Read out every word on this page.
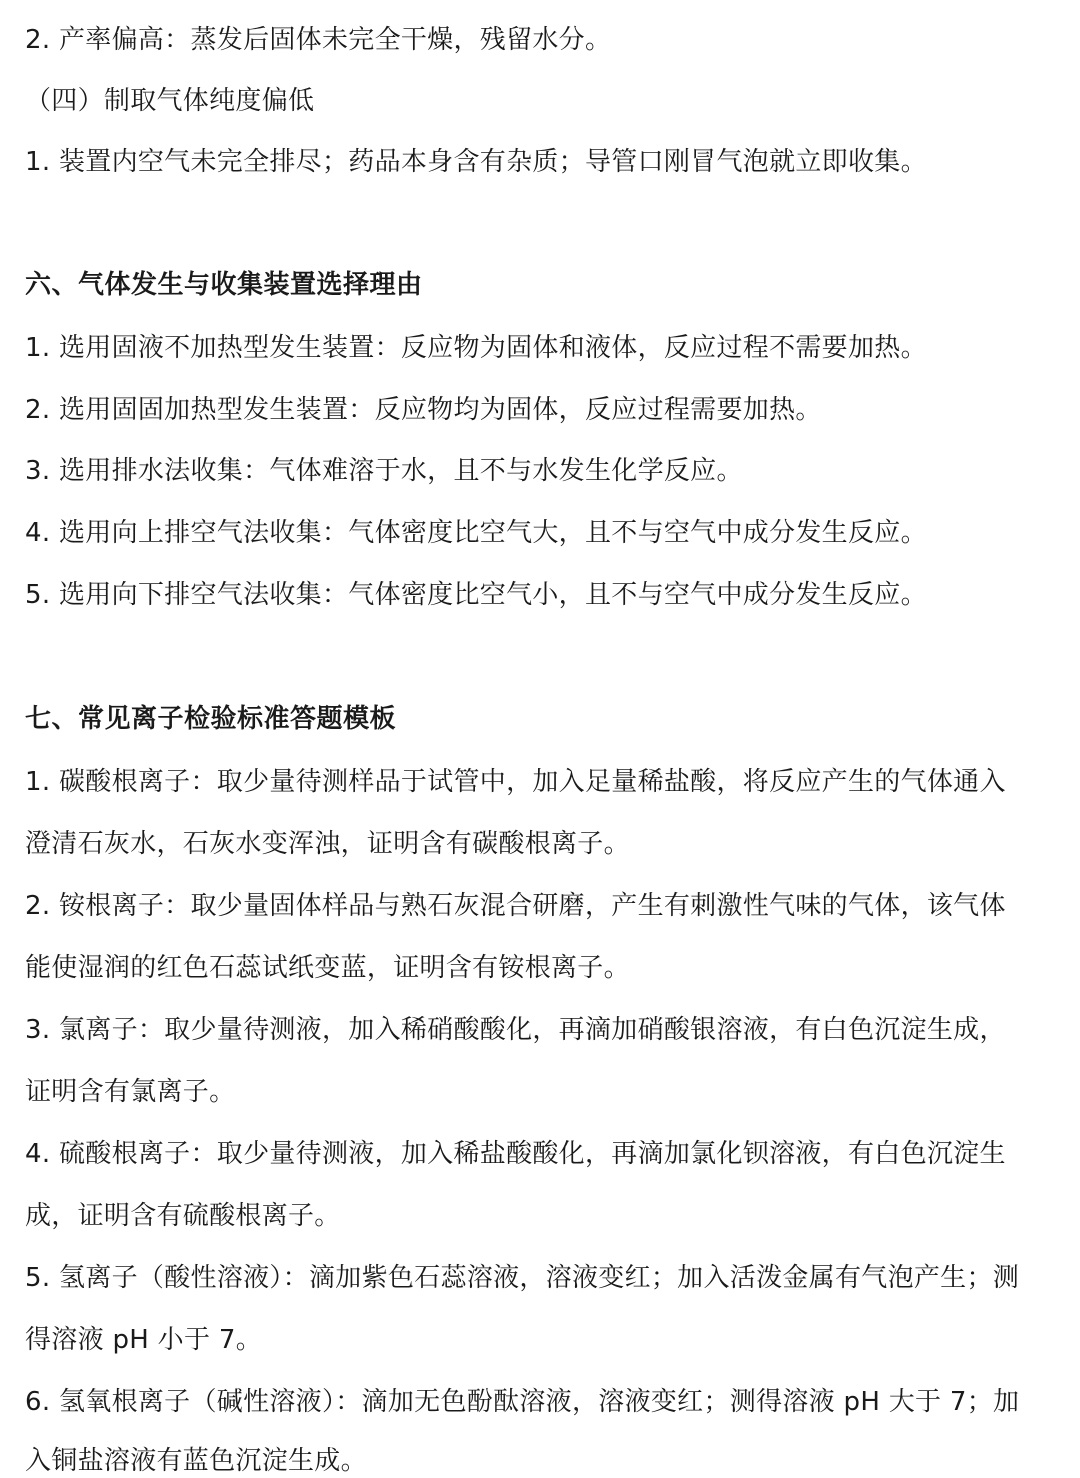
2. 产率偏高：蒸发后固体未完全干燥，残留水分。
（四）制取气体纯度偏低
1. 装置内空气未完全排尽；药品本身含有杂质；导管口刚冒气泡就立即收集。
六、气体发生与收集装置选择理由
1. 选用固液不加热型发生装置：反应物为固体和液体，反应过程不需要加热。
2. 选用固固加热型发生装置：反应物均为固体，反应过程需要加热。
3. 选用排水法收集：气体难溶于水，且不与水发生化学反应。
4. 选用向上排空气法收集：气体密度比空气大，且不与空气中成分发生反应。
5. 选用向下排空气法收集：气体密度比空气小，且不与空气中成分发生反应。
七、常见离子检验标准答题模板
1. 碳酸根离子：取少量待测样品于试管中，加入足量稀盐酸，将反应产生的气体通入
澄清石灰水，石灰水变浑浊，证明含有碳酸根离子。
2. 铵根离子：取少量固体样品与熟石灰混合研磨，产生有刺激性气味的气体，该气体
能使湿润的红色石蕊试纸变蓝，证明含有铵根离子。
3. 氯离子：取少量待测液，加入稀硝酸酸化，再滴加硝酸银溶液，有白色沉淀生成，
证明含有氯离子。
4. 硫酸根离子：取少量待测液，加入稀盐酸酸化，再滴加氯化钡溶液，有白色沉淀生
成，证明含有硫酸根离子。
5. 氢离子（酸性溶液）：滴加紫色石蕊溶液，溶液变红；加入活泼金属有气泡产生；测
得溶液 pH 小于 7。
6. 氢氧根离子（碱性溶液）：滴加无色酚酞溶液，溶液变红；测得溶液 pH 大于 7；加
入铜盐溶液有蓝色沉淀生成。
